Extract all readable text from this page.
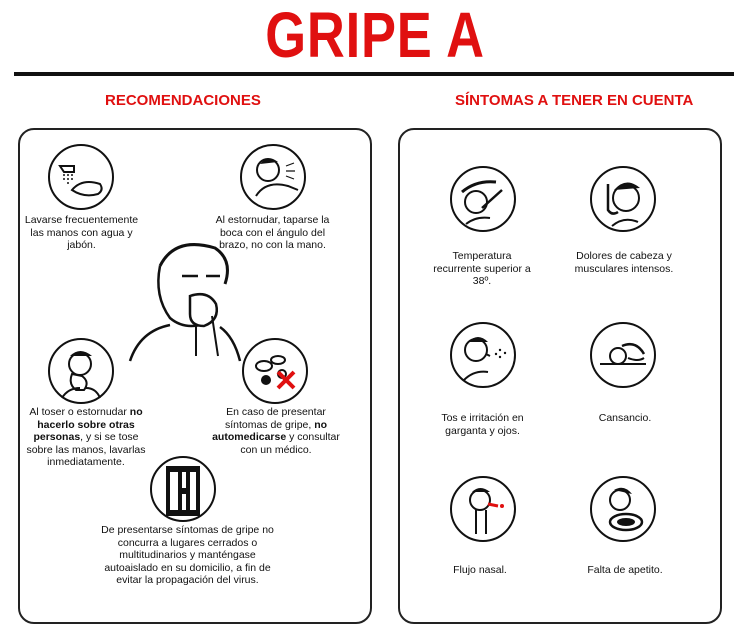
GRIPE A
RECOMENDACIONES	SÍNTOMAS A TENER EN CUENTA
Lavarse frecuentemente las manos con agua y jabón.
Al estornudar, taparse la boca con el ángulo del brazo, no con la mano.
Al toser o estornudar no hacerlo sobre otras personas, y si se tose sobre las manos, lavarlas inmediatamente.
En caso de presentar síntomas de gripe, no automedicarse y consultar con un médico.
De presentarse síntomas de gripe no concurra a lugares cerrados o multitudinarios y manténgase autoaislado en su domicilio, a fin de evitar la propagación del virus.
Temperatura recurrente superior a 38º.
Dolores de cabeza y musculares intensos.
Tos e irritación en garganta y ojos.
Cansancio.
Flujo nasal.	Falta de apetito.
